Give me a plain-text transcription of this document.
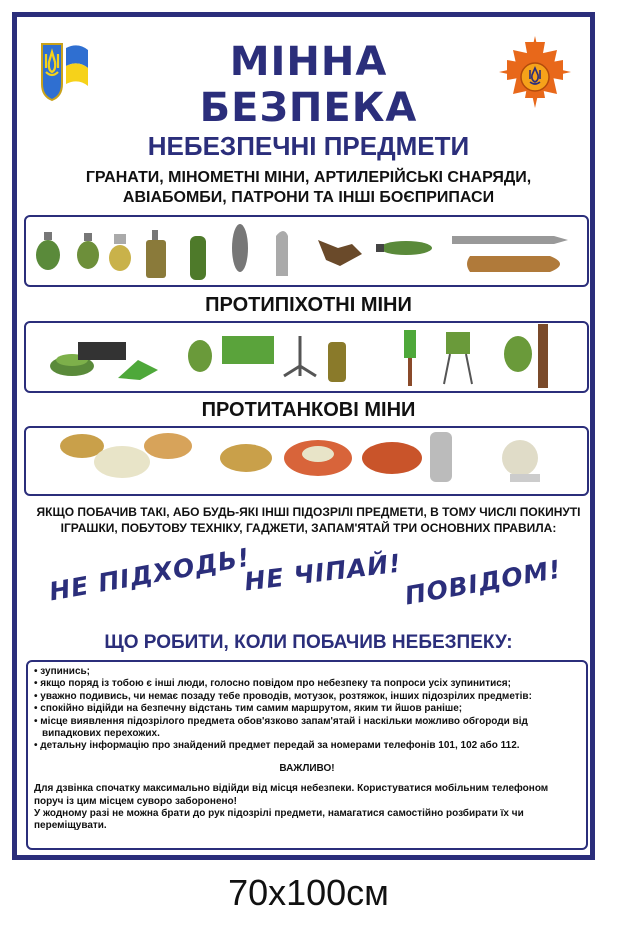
МІННА
БЕЗПЕКА
НЕБЕЗПЕЧНІ ПРЕДМЕТИ
ГРАНАТИ, МІНОМЕТНІ МІНИ, АРТИЛЕРІЙСЬКІ СНАРЯДИ,
АВІАБОМБИ, ПАТРОНИ ТА ІНШІ БОЄПРИПАСИ
ПРОТИПІХОТНІ МІНИ
ПРОТИТАНКОВІ МІНИ
ЯКЩО ПОБАЧИВ ТАКІ, АБО БУДЬ-ЯКІ ІНШІ ПІДОЗРІЛІ ПРЕДМЕТИ, В ТОМУ ЧИСЛІ ПОКИНУТІ
ІГРАШКИ, ПОБУТОВУ ТЕХНІКУ, ГАДЖЕТИ, ЗАПАМ'ЯТАЙ ТРИ ОСНОВНИХ ПРАВИЛА:
НЕ ПІДХОДЬ!
НЕ ЧІПАЙ! ПОВІДОМ!
ЩО РОБИТИ, КОЛИ ПОБАЧИВ НЕБЕЗПЕКУ:
• зупинись;
• якщо поряд із тобою є інші люди, голосно повідом про небезпеку та попроси усіх зупинитися;
• уважно подивись, чи немає позаду тебе проводів, мотузок, розтяжок, інших підозрілих предметів:
• спокійно відійди на безпечну відстань тим самим маршрутом, яким ти йшов раніше;
• місце виявлення підозрілого предмета обов'язково запам'ятай і наскільки можливо обгороди від випадкових перехожих.
• детальну інформацію про знайдений предмет передай за номерами телефонів 101, 102 або 112.
ВАЖЛИВО!
Для дзвінка спочатку максимально відійди від місця небезпеки. Користуватися мобільним телефоном поруч із цим місцем суворо заборонено!
У жодному разі не можна брати до рук підозрілі предмети, намагатися самостійно розбирати їх чи переміщувати.
70х100см
